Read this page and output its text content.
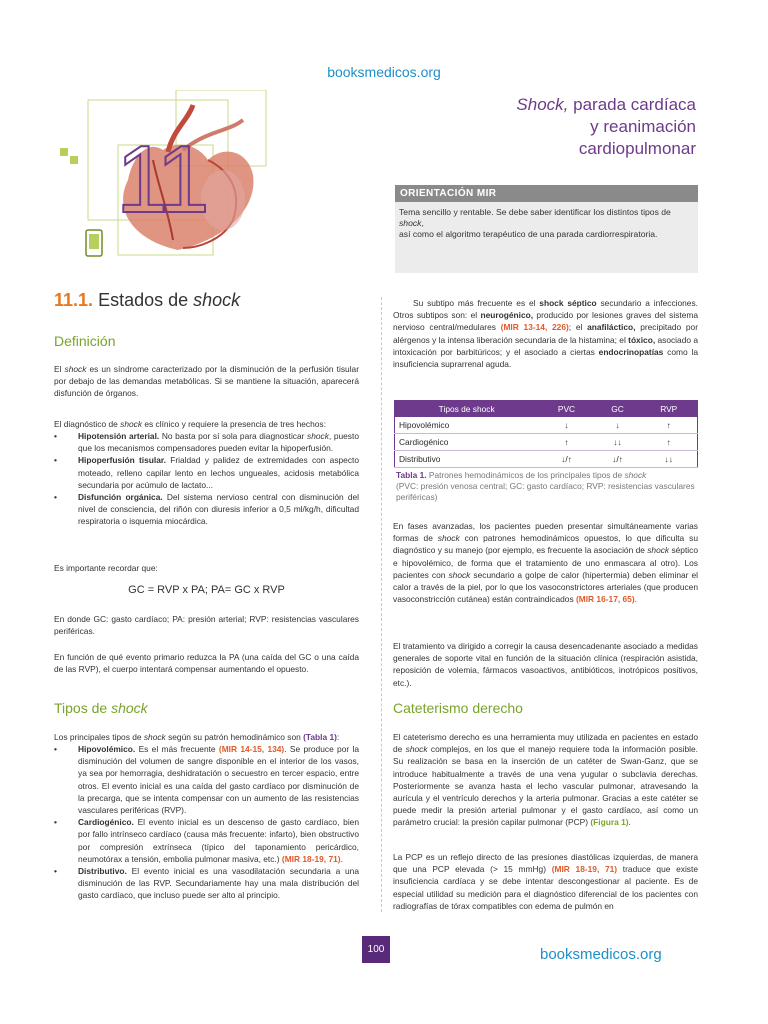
booksmedicos.org
11
Shock, parada cardíaca
y reanimación
cardiopulmonar
ORIENTACIÓN MIR
Tema sencillo y rentable. Se debe saber identificar los distintos tipos de shock,
así como el algoritmo terapéutico de una parada cardiorrespiratoria.
11.1. Estados de shock
Definición

El shock es un síndrome caracterizado por la disminución de la perfusión tisular por debajo de las demandas metabólicas. Si se mantiene la situación, aparecerá disfunción de órganos.

El diagnóstico de shock es clínico y requiere la presencia de tres hechos:

• Hipotensión arterial. No basta por sí sola para diagnosticar shock, puesto que los mecanismos compensadores pueden evitar la hipoperfusión.
• Hipoperfusión tisular. Frialdad y palidez de extremidades con aspecto moteado, relleno capilar lento en lechos ungueales, acidosis metabólica secundaria por acúmulo de lactato...
• Disfunción orgánica. Del sistema nervioso central con disminución del nivel de consciencia, del riñón con diuresis inferior a 0,5 ml/kg/h, dificultad respiratoria o isquemia miocárdica.
Es importante recordar que:
GC = RVP x PA; PA= GC x RVP
En donde GC: gasto cardíaco; PA: presión arterial; RVP: resistencias vasculares periféricas.
En función de qué evento primario reduzca la PA (una caída del GC o una caída de las RVP), el cuerpo intentará compensar aumentando el opuesto.
Tipos de shock
Los principales tipos de shock según su patrón hemodinámico son (Tabla 1):
• Hipovolémico. Es el más frecuente (MIR 14-15, 134). Se produce por la disminución del volumen de sangre disponible en el interior de los vasos, ya sea por hemorragia, deshidratación o secuestro en tercer espacio, entre otros. El evento inicial es una caída del gasto cardíaco por disminución de la precarga, que se intenta compensar con un aumento de las resistencias vasculares periféricas (RVP).
• Cardiogénico. El evento inicial es un descenso de gasto cardíaco, bien por fallo intrínseco cardíaco (causa más frecuente: infarto), bien obstructivo por compresión extrínseca (típico del taponamiento pericárdico, neumotórax a tensión, embolia pulmonar masiva, etc.) (MIR 18-19, 71).
• Distributivo. El evento inicial es una vasodilatación secundaria a una disminución de las RVP. Secundariamente hay una mala distribución del gasto cardíaco, que incluso puede ser alto al principio.

Su subtipo más frecuente es el shock séptico secundario a infecciones. Otros subtipos son: el neurogénico, producido por lesiones graves del sistema nervioso central/medulares (MIR 13-14, 226); el anafiláctico, precipitado por alérgenos y la intensa liberación secundaria de la histamina; el tóxico, asociado a intoxicación por barbitúricos; y el asociado a ciertas endocrinopatías como la insuficiencia suprarrenal aguda.

Tipos de shock	PVC	GC	RVP
Hipovolémico	↓	↓	↑
Cardiogénico	↑	↓↓	↑
Distributivo	↓/↑	↓/↑	↓↓
Tabla 1. Patrones hemodinámicos de los principales tipos de shock
(PVC: presión venosa central; GC: gasto cardíaco; RVP: resistencias vasculares periféricas)
En fases avanzadas, los pacientes pueden presentar simultáneamente varias formas de shock con patrones hemodinámicos opuestos, lo que dificulta su diagnóstico y su manejo (por ejemplo, es frecuente la asociación de shock séptico e hipovolémico, de forma que el tratamiento de uno enmascara al otro). Los pacientes con shock secundario a golpe de calor (hipertermia) deben eliminar el calor a través de la piel, por lo que los vasoconstrictores arteriales (que producen vasoconstricción cutánea) están contraindicados (MIR 16-17, 65).
El tratamiento va dirigido a corregir la causa desencadenante asociado a medidas generales de soporte vital en función de la situación clínica (respiración asistida, reposición de volemia, fármacos vasoactivos, antibióticos, inotrópicos positivos, etc.).
Cateterismo derecho
El cateterismo derecho es una herramienta muy utilizada en pacientes en estado de shock complejos, en los que el manejo requiere toda la información posible. Su realización se basa en la inserción de un catéter de Swan-Ganz, que se introduce habitualmente a través de una vena yugular o subclavia derechas. Posteriormente se avanza hasta el lecho vascular pulmonar, atravesando la aurícula y el ventrículo derechos y la arteria pulmonar. Gracias a este catéter se puede medir la presión arterial pulmonar y el gasto cardíaco, así como un parámetro crucial: la presión capilar pulmonar (PCP) (Figura 1).
La PCP es un reflejo directo de las presiones diastólicas izquierdas, de manera que una PCP elevada (> 15 mmHg) (MIR 18-19, 71) traduce que existe insuficiencia cardíaca y se debe intentar descongestionar al paciente. Es de especial utilidad su medición para el diagnóstico diferencial de los pacientes con radiografías de tórax compatibles con edema de pulmón en
100	booksmedicos.org
